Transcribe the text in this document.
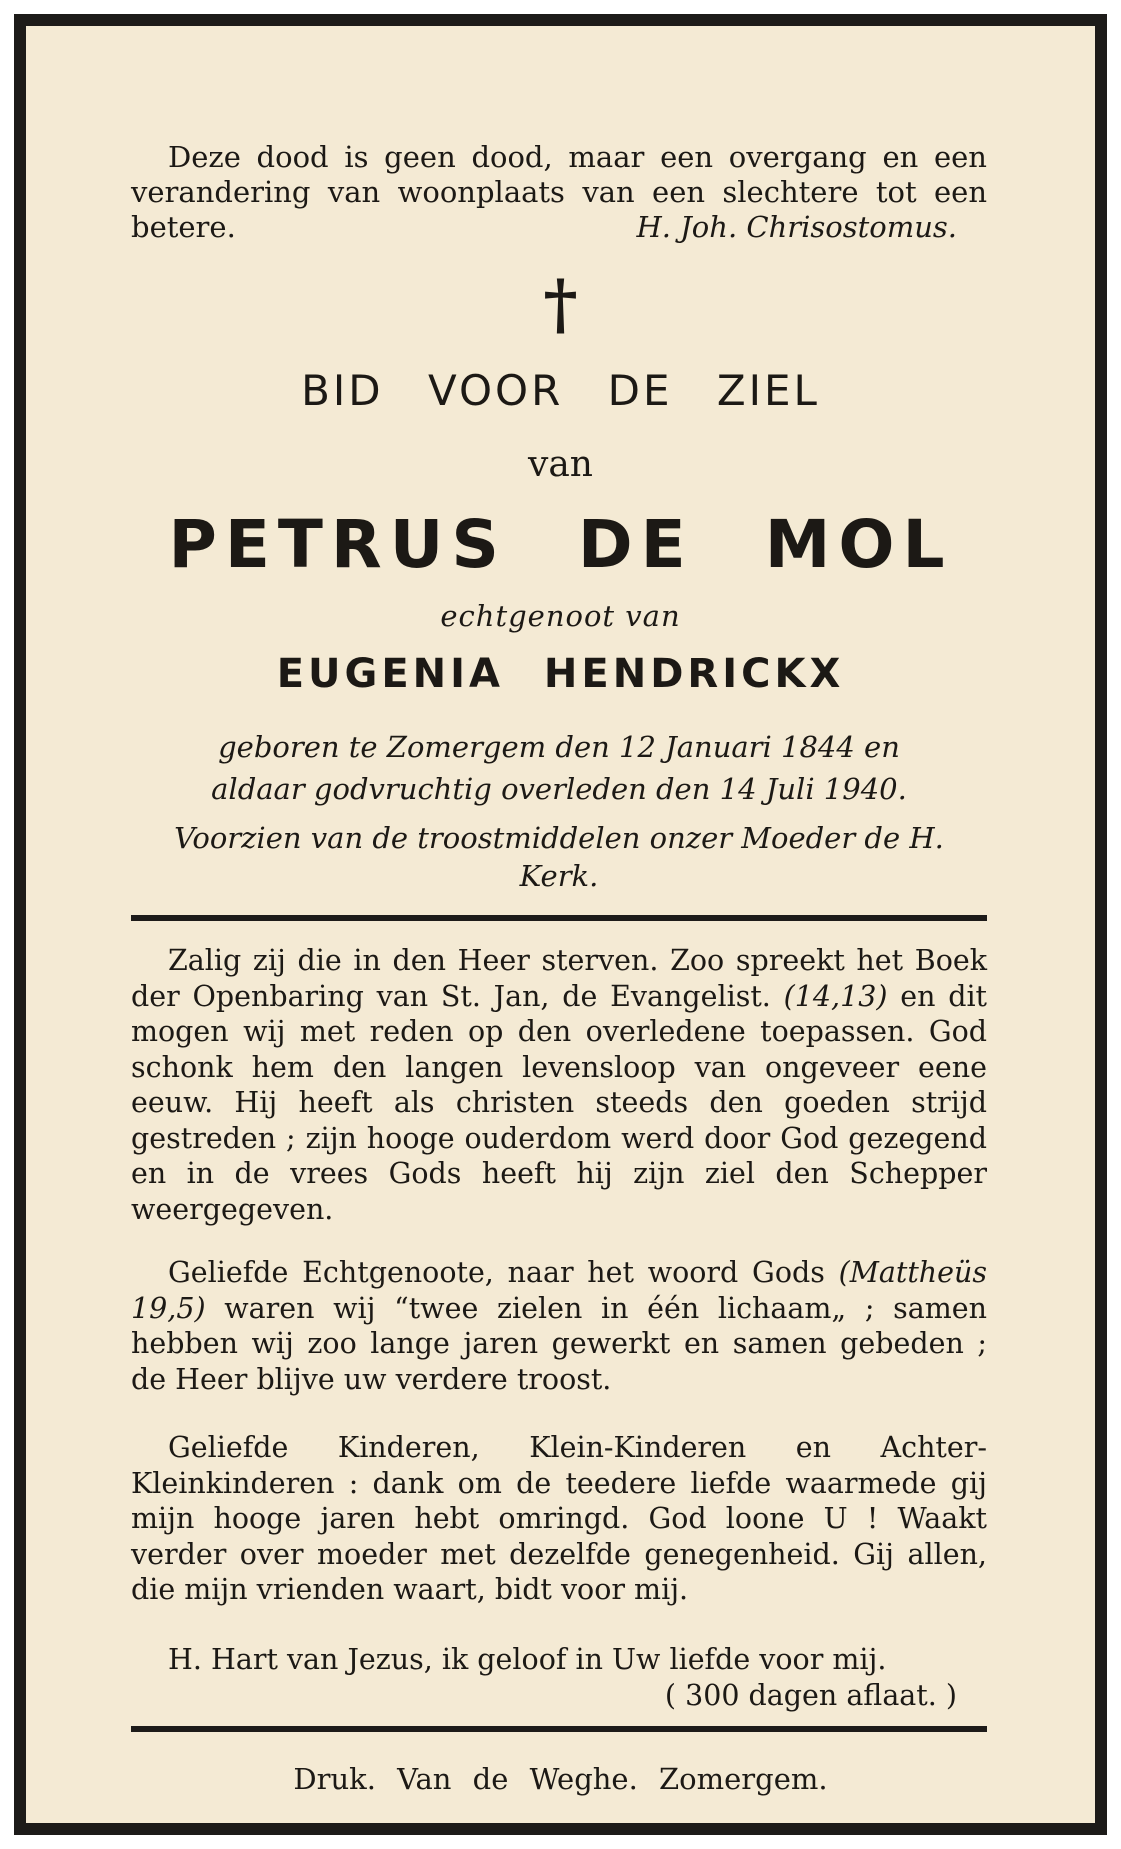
Deze dood is geen dood, maar een overgang en een verandering van woonplaats van een slechtere tot een betere.	H. Joh. Chrisostomus.
†
BID VOOR DE ZIEL
van
PETRUS DE MOL
echtgenoot van
EUGENIA HENDRICKX
geboren te Zomergem den 12 Januari 1844 en
aldaar godvruchtig overleden den 14 Juli 1940.
Voorzien van de troostmiddelen onzer Moeder de H. Kerk.

Zalig zij die in den Heer sterven. Zoo spreekt het Boek der Openbaring van St. Jan, de Evangelist. (14,13) en dit mogen wij met reden op den overledene toepassen. God schonk hem den langen levensloop van ongeveer eene eeuw. Hij heeft als christen steeds den goeden strijd gestreden ; zijn hooge ouderdom werd door God gezegend en in de vrees Gods heeft hij zijn ziel den Schepper weergegeven.

Geliefde Echtgenoote, naar het woord Gods (Mattheüs 19,5) waren wij “twee zielen in één lichaam„ ; samen hebben wij zoo lange jaren gewerkt en samen gebeden ; de Heer blijve uw verdere troost.

Geliefde Kinderen, Klein-Kinderen en Achter-Kleinkinderen : dank om de teedere liefde waarmede gij mijn hooge jaren hebt omringd. God loone U ! Waakt verder over moeder met dezelfde genegenheid. Gij allen, die mijn vrienden waart, bidt voor mij.

H. Hart van Jezus, ik geloof in Uw liefde voor mij.
( 300 dagen aflaat. )

Druk. Van de Weghe. Zomergem.
